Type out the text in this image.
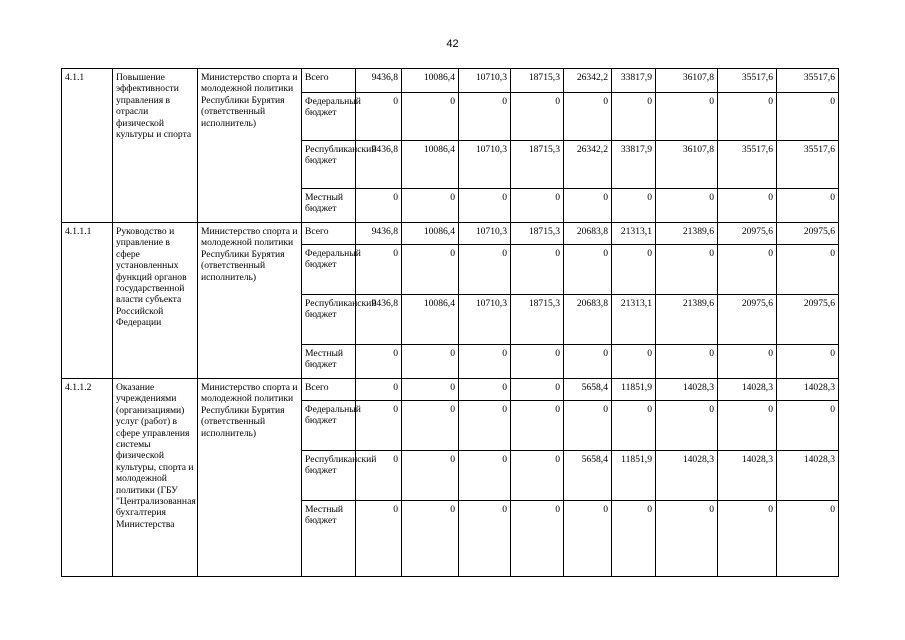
42
4.1.1	Повышение эффективности управления в отрасли физической культуры и спорта	Министерство спорта и молодежной политики Республики Бурятия (ответственный исполнитель)	Всего	9436,8	10086,4	10710,3	18715,3	26342,2	33817,9	36107,8	35517,6	35517,6
			Федеральный бюджет	0	0	0	0	0	0	0	0	0
			Республиканский бюджет	9436,8	10086,4	10710,3	18715,3	26342,2	33817,9	36107,8	35517,6	35517,6
			Местный бюджет	0	0	0	0	0	0	0	0	0
4.1.1.1	Руководство и управление в сфере установленных функций органов государственной власти субъекта Российской Федерации	Министерство спорта и молодежной политики Республики Бурятия (ответственный исполнитель)	Всего	9436,8	10086,4	10710,3	18715,3	20683,8	21313,1	21389,6	20975,6	20975,6
			Федеральный бюджет	0	0	0	0	0	0	0	0	0
			Республиканский бюджет	9436,8	10086,4	10710,3	18715,3	20683,8	21313,1	21389,6	20975,6	20975,6
			Местный бюджет	0	0	0	0	0	0	0	0	0
4.1.1.2	Оказание учреждениями (организациями) услуг (работ) в сфере управления системы физической культуры, спорта и молодежной политики (ГБУ "Централизованная бухгалтерия Министерства	Министерство спорта и молодежной политики Республики Бурятия (ответственный исполнитель)	Всего	0	0	0	0	5658,4	11851,9	14028,3	14028,3	14028,3
			Федеральный бюджет	0	0	0	0	0	0	0	0	0
			Республиканский бюджет	0	0	0	0	5658,4	11851,9	14028,3	14028,3	14028,3
			Местный бюджет	0	0	0	0	0	0	0	0	0
